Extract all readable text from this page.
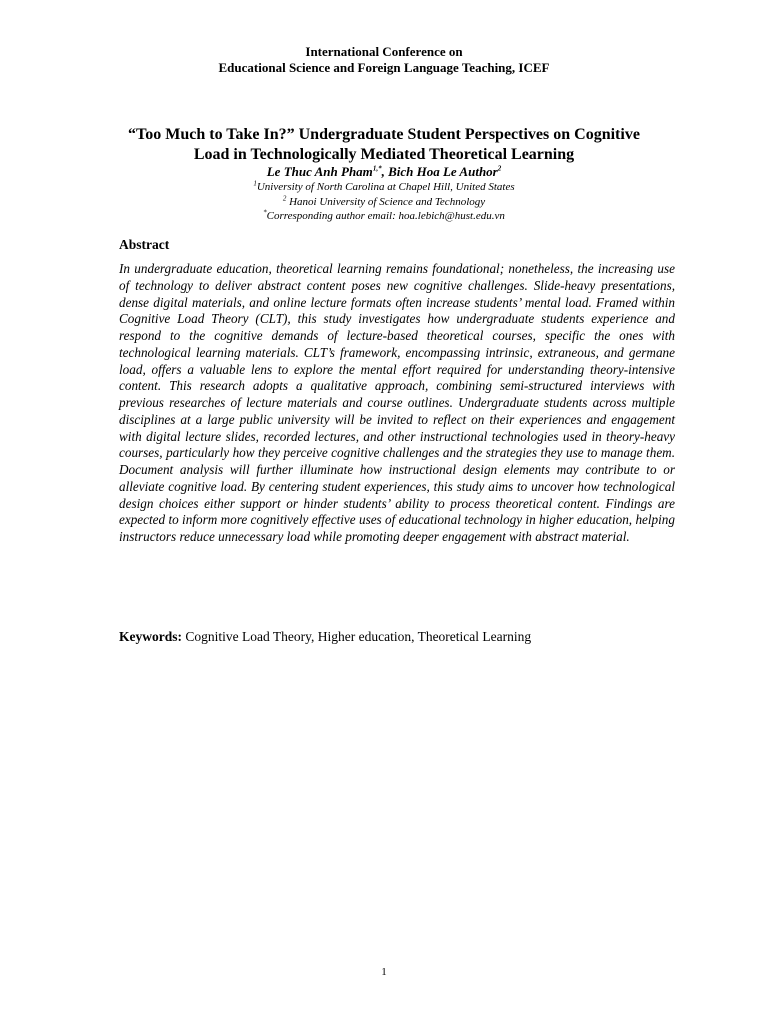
International Conference on
Educational Science and Foreign Language Teaching, ICEF
“Too Much to Take In?” Undergraduate Student Perspectives on Cognitive
Load in Technologically Mediated Theoretical Learning
Le Thuc Anh Pham$^{1,*}$, Bich Hoa Le Author$^2$
$^1$University of North Carolina at Chapel Hill, United States
$^2$ Hanoi University of Science and Technology
*Corresponding author email: hoa.lebich@hust.edu.vn
Abstract

In undergraduate education, theoretical learning remains foundational; nonetheless, the increasing use of technology to deliver abstract content poses new cognitive challenges. Slide-heavy presentations, dense digital materials, and online lecture formats often increase students’ mental load. Framed within Cognitive Load Theory (CLT), this study investigates how undergraduate students experience and respond to the cognitive demands of lecture-based theoretical courses, specific the ones with technological learning materials. CLT’s framework, encompassing intrinsic, extraneous, and germane load, offers a valuable lens to explore the mental effort required for understanding theory-intensive content. This research adopts a qualitative approach, combining semi-structured interviews with previous researches of lecture materials and course outlines. Undergraduate students across multiple disciplines at a large public university will be invited to reflect on their experiences and engagement with digital lecture slides, recorded lectures, and other instructional technologies used in theory-heavy courses, particularly how they perceive cognitive challenges and the strategies they use to manage them. Document analysis will further illuminate how instructional design elements may contribute to or alleviate cognitive load. By centering student experiences, this study aims to uncover how technological design choices either support or hinder students’ ability to process theoretical content. Findings are expected to inform more cognitively effective uses of educational technology in higher education, helping instructors reduce unnecessary load while promoting deeper engagement with abstract material.

Keywords: Cognitive Load Theory, Higher education, Theoretical Learning
1
